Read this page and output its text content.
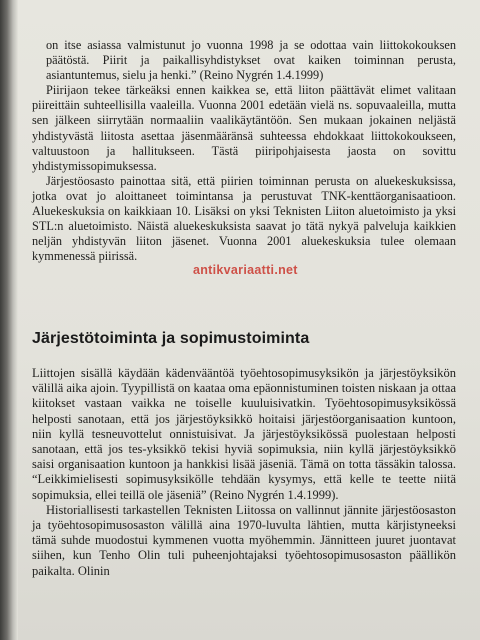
on itse asiassa valmistunut jo vuonna 1998 ja se odottaa vain liittokokouksen päätöstä. Piirit ja paikallisyhdistykset ovat kaiken toiminnan perusta, asiantuntemus, sielu ja henki.” (Reino Nygrén 1.4.1999)

Piirijaon tekee tärkeäksi ennen kaikkea se, että liiton päättävät elimet valitaan piireittäin suhteellisilla vaaleilla. Vuonna 2001 edetään vielä ns. sopuvaaleilla, mutta sen jälkeen siirrytään normaaliin vaalikäytäntöön. Sen mukaan jokainen neljästä yhdistyvästä liitosta asettaa jäsenmääränsä suhteessa ehdokkaat liittokokoukseen, valtuustoon ja hallitukseen. Tästä piiripohjaisesta jaosta on sovittu yhdistymissopimuksessa.

Järjestöosasto painottaa sitä, että piirien toiminnan perusta on aluekeskuksissa, jotka ovat jo aloittaneet toimintansa ja perustuvat TNK-kenttäorganisaatioon. Aluekeskuksia on kaikkiaan 10. Lisäksi on yksi Teknisten Liiton aluetoimisto ja yksi STL:n aluetoimisto. Näistä aluekeskuksista saavat jo tätä nykyä palveluja kaikkien neljän yhdistyvän liiton jäsenet. Vuonna 2001 aluekeskuksia tulee olemaan kymmenessä piirissä.

antikvariaatti.net
Järjestötoiminta ja sopimustoiminta

Liittojen sisällä käydään kädenvääntöä työehtosopimusyksikön ja järjestöyksikön välillä aika ajoin. Tyypillistä on kaataa oma epäonnistuminen toisten niskaan ja ottaa kiitokset vastaan vaikka ne toiselle kuuluisivatkin. Työehtosopimusyksikössä helposti sanotaan, että jos järjestöyksikkö hoitaisi järjestöorganisaation kuntoon, niin kyllä tesneuvottelut onnistuisivat. Ja järjestöyksikössä puolestaan helposti sanotaan, että jos tes-yksikkö tekisi hyviä sopimuksia, niin kyllä järjestöyksikkö saisi organisaation kuntoon ja hankkisi lisää jäseniä. Tämä on totta tässäkin talossa. “Leikkimielisesti sopimusyksikölle tehdään kysymys, että kelle te teette niitä sopimuksia, ellei teillä ole jäseniä” (Reino Nygrén 1.4.1999).

Historiallisesti tarkastellen Teknisten Liitossa on vallinnut jännite järjestöosaston ja työehtosopimusosaston välillä aina 1970-luvulta lähtien, mutta kärjistyneeksi tämä suhde muodostui kymmenen vuotta myöhemmin. Jännitteen juuret juontavat siihen, kun Tenho Olin tuli puheenjohtajaksi työehtosopimusosaston päällikön paikalta. Olinin
